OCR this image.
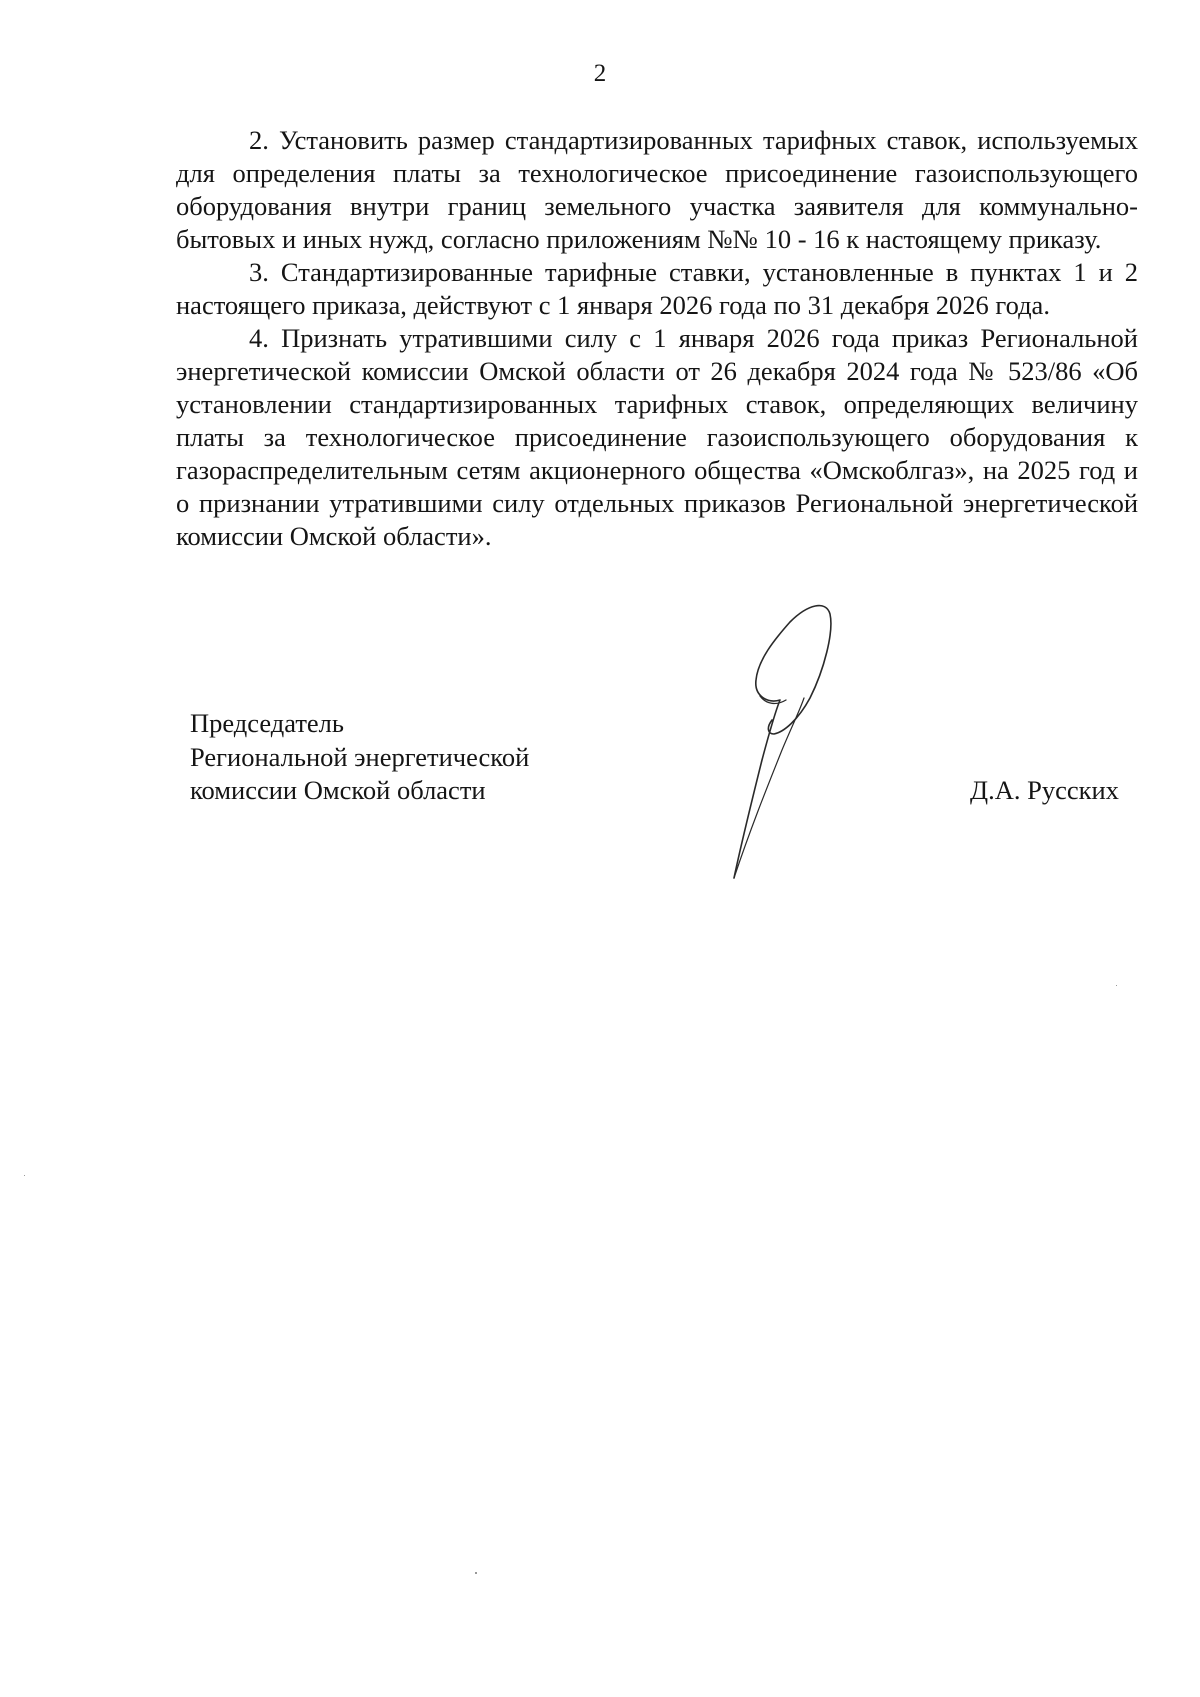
2

2. Установить размер стандартизированных тарифных ставок, используемых для определения платы за технологическое присоединение газоиспользующего оборудования внутри границ земельного участка заявителя для коммунально-бытовых и иных нужд, согласно приложениям №№ 10 - 16 к настоящему приказу.

3. Стандартизированные тарифные ставки, установленные в пунктах 1 и 2 настоящего приказа, действуют с 1 января 2026 года по 31 декабря 2026 года.

4. Признать утратившими силу с 1 января 2026 года приказ Региональной энергетической комиссии Омской области от 26 декабря 2024 года № 523/86 «Об установлении стандартизированных тарифных ставок, определяющих величину платы за технологическое присоединение газоиспользующего оборудования к газораспределительным сетям акционерного общества «Омскоблгаз», на 2025 год и о признании утратившими силу отдельных приказов Региональной энергетической комиссии Омской области».

Председатель
Региональной энергетической
комиссии Омской области	Д.А. Русских
